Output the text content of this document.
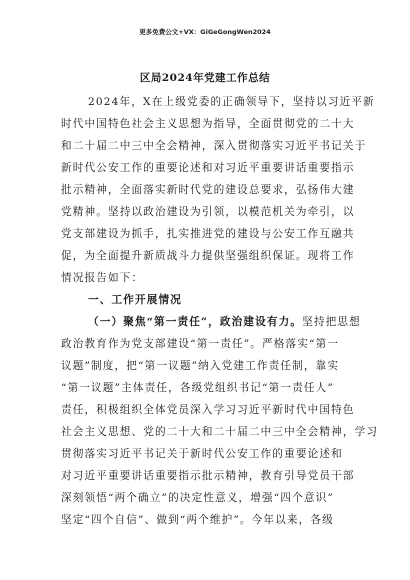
更多免费公文+VX：GiGeGongWen2024
区局2024年党建工作总结
2024年，X在上级党委的正确领导下，坚持以习近平新
时代中国特色社会主义思想为指导，全面贯彻党的二十大
和二十届二中三中全会精神，深入贯彻落实习近平书记关于
新时代公安工作的重要论述和对习近平重要讲话重要指示
批示精神，全面落实新时代党的建设总要求，弘扬伟大建
党精神。坚持以政治建设为引领，以模范机关为牵引，以
党支部建设为抓手，扎实推进党的建设与公安工作互融共
促，为全面提升新质战斗力提供坚强组织保证。现将工作
情况报告如下：
一、工作开展情况
（一）聚焦“第一责任”，政治建设有力。坚持把思想
政治教育作为党支部建设“第一责任”。严格落实“第一
议题”制度，把“第一议题”纳入党建工作责任制，靠实
“第一议题”主体责任，各级党组织书记“第一责任人”
责任，积极组织全体党员深入学习习近平新时代中国特色
社会主义思想、党的二十大和二十届二中三中全会精神，学习
贯彻落实习近平书记关于新时代公安工作的重要论述和
对习近平重要讲话重要指示批示精神，教育引导党员干部
深刻领悟“两个确立”的决定性意义，增强“四个意识”
坚定“四个自信”、做到“两个维护”。今年以来，各级
